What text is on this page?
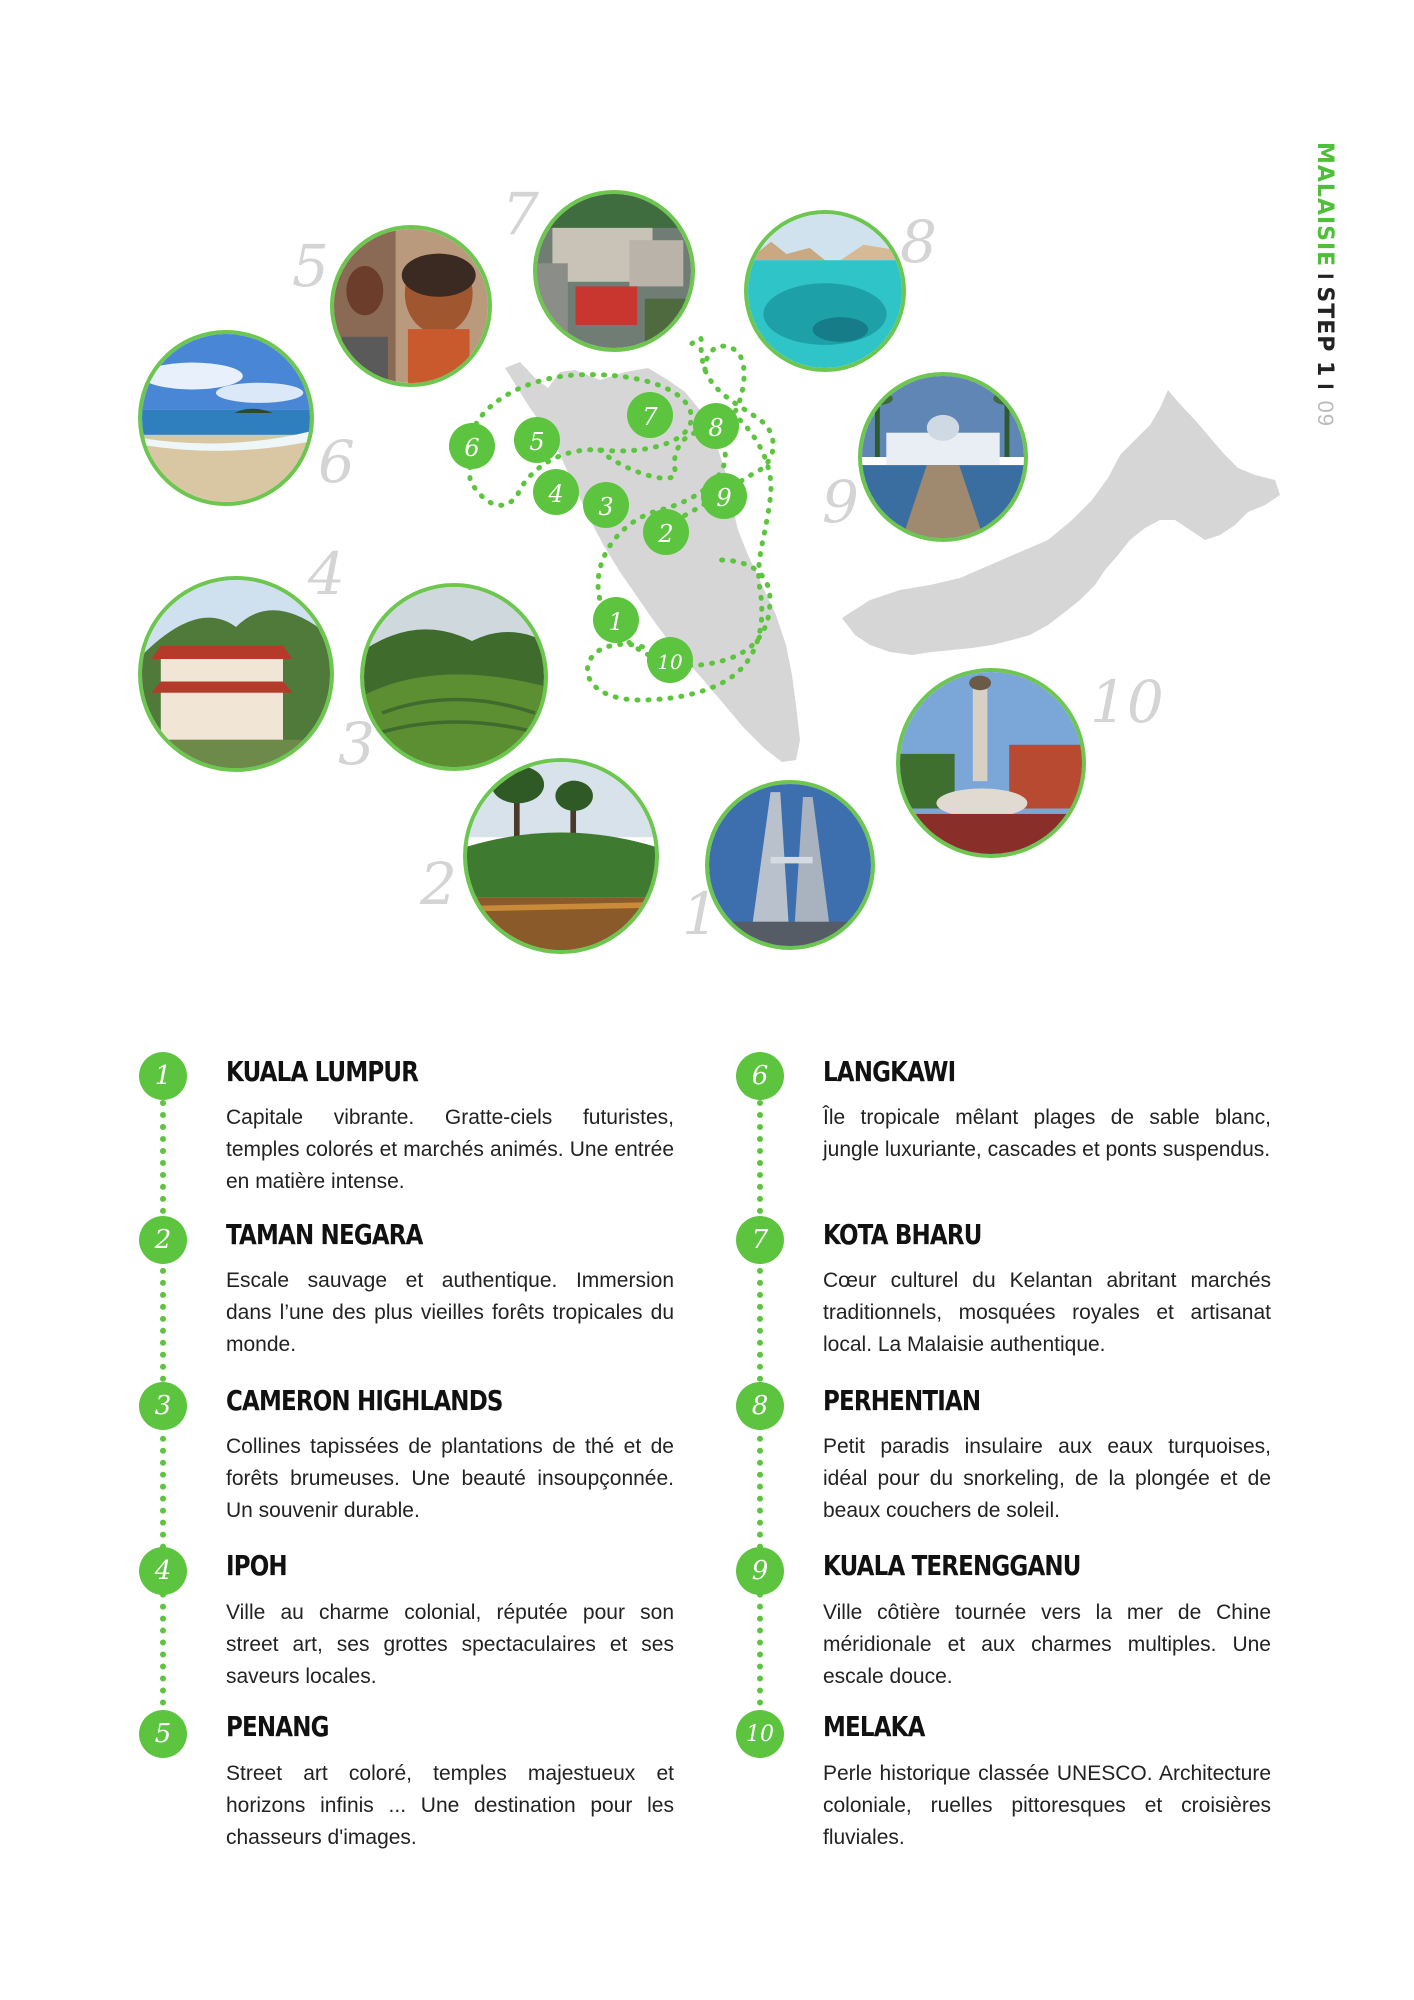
MALAISIEISTEP 1I09
1
2
3
4
5
6
7 8
9
10
1
2
3
4
5
6
7	8
9
10
1	KUALA LUMPUR
Capitale vibrante. Gratte-ciels futuristes, temples colorés et marchés animés. Une entrée en matière intense.
2	TAMAN NEGARA
Escale sauvage et authentique. Immersion dans l’une des plus vieilles forêts tropicales du monde.
3	CAMERON HIGHLANDS
Collines tapissées de plantations de thé et de forêts brumeuses. Une beauté insoupçonnée. Un souvenir durable.
4	IPOH
Ville au charme colonial, réputée pour son street art, ses grottes spectaculaires et ses saveurs locales.
5	PENANG
Street art coloré, temples majestueux et horizons infinis ... Une destination pour les chasseurs d'images.
6	LANGKAWI
Île tropicale mêlant plages de sable blanc, jungle luxuriante, cascades et ponts suspendus.
7	KOTA BHARU
Cœur culturel du Kelantan abritant marchés traditionnels, mosquées royales et artisanat local. La Malaisie authentique.
8	PERHENTIAN
Petit paradis insulaire aux eaux turquoises, idéal pour du snorkeling, de la plongée et de beaux couchers de soleil.
9	KUALA TERENGGANU
Ville côtière tournée vers la mer de Chine méridionale et aux charmes multiples. Une escale douce.
10	MELAKA
Perle historique classée UNESCO. Architecture coloniale, ruelles pittoresques et croisières fluviales.
